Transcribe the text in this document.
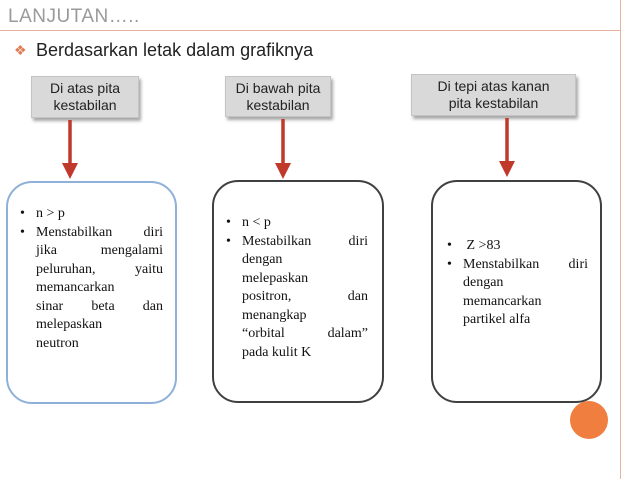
LANJUTAN…..
❖ Berdasarkan letak dalam grafiknya
Di atas pita
kestabilan
Di bawah pita
kestabilan
Di tepi atas kanan
pita kestabilan
• n > p
• Menstabilkan diri
jika mengalami
peluruhan, yaitu
memancarkan
sinar beta dan
melepaskan
neutron
• n < p
• Mestabilkan diri
dengan
melepaskan
positron, dan
menangkap
“orbital dalam”
pada kulit K
•  Z >83
• Menstabilkan diri
dengan
memancarkan
partikel alfa
